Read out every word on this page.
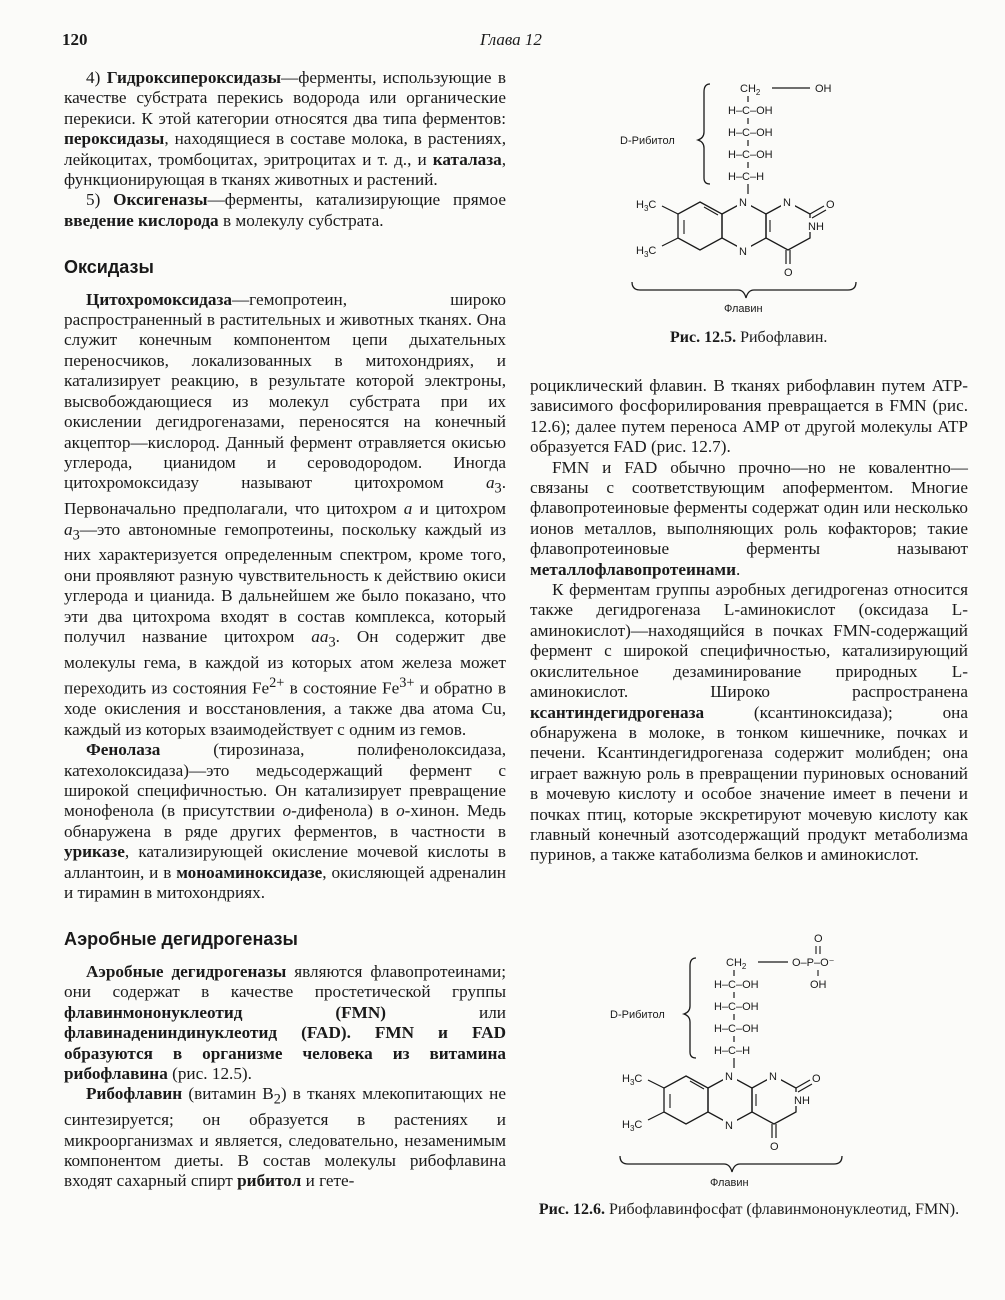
120	Глава 12

4) Гидроксипероксидазы—ферменты, использующие в качестве субстрата перекись водорода или органические перекиси. К этой категории относятся два типа ферментов: пероксидазы, находящиеся в составе молока, в растениях, лейкоцитах, тромбоцитах, эритроцитах и т. д., и каталаза, функционирующая в тканях животных и растений.

5) Оксигеназы—ферменты, катализирующие прямое введение кислорода в молекулу субстрата.

Оксидазы

Цитохромоксидаза—гемопротеин, широко распространенный в растительных и животных тканях. Она служит конечным компонентом цепи дыхательных переносчиков, локализованных в митохондриях, и катализирует реакцию, в результате которой электроны, высвобождающиеся из молекул субстрата при их окислении дегидрогеназами, переносятся на конечный акцептор—кислород. Данный фермент отравляется окисью углерода, цианидом и сероводородом. Иногда цитохромоксидазу называют цитохромом $a_3$. Первоначально предполагали, что цитохром a и цитохром $a_3—это$ автономные гемопротеины, поскольку каждый из них характеризуется определенным спектром, кроме того, они проявляют разную чувствительность к действию окиси углерода и цианида. В дальнейшем же было показано, что эти два цитохрома входят в состав комплекса, который получил название цитохром $aa_3$. Он содержит две молекулы гема, в каждой из которых атом железа может переходить из состояния $Fe^{2+}$ в состояние $Fe^{3+}$ и обратно в ходе окисления и восстановления, а также два атома Cu, каждый из которых взаимодействует с одним из гемов.

Фенолаза (тирозиназа, полифенолоксидаза, катехолоксидаза)—это медьсодержащий фермент с широкой специфичностью. Он катализирует превращение монофенола (в присутствии о-дифенола) в о-хинон. Медь обнаружена в ряде других ферментов, в частности в уриказе, катализирующей окисление мочевой кислоты в аллантоин, и в моноаминоксидазе, окисляющей адреналин и тирамин в митохондриях.

Аэробные дегидрогеназы

Аэробные дегидрогеназы являются флавопротеинами; они содержат в качестве простетической группы флавинмононуклеотид (FMN) или флавинадениндинуклеотид (FAD). FMN и FAD образуются в организме человека из витамина рибофлавина (рис. 12.5).

Рибофлавин (витамин $B_2$) в тканях млекопитающих не синтезируется; он образуется в растениях и микроорганизмах и является, следовательно, незаменимым компонентом диеты. В состав молекулы рибофлавина входят сахарный спирт рибитол и гете-

роциклический флавин. В тканях рибофлавин путем ATP-зависимого фосфорилирования превращается в FMN (рис. 12.6); далее путем переноса AMP от другой молекулы ATP образуется FAD (рис. 12.7).

FMN и FAD обычно прочно—но не ковалентно—связаны с соответствующим апоферментом. Многие флавопротеиновые ферменты содержат один или несколько ионов металлов, выполняющих роль кофакторов; такие флавопротеиновые ферменты называют металлофлавопротеинами.

К ферментам группы аэробных дегидрогеназ относится также дегидрогеназа L-аминокислот (оксидаза L-аминокислот)—находящийся в почках FMN-содержащий фермент с широкой специфичностью, катализирующий окислительное дезаминирование природных L-аминокислот. Широко распространена ксантиндегидрогеназа (ксантиноксидаза); она обнаружена в молоке, в тонком кишечнике, почках и печени. Ксантиндегидрогеназа содержит молибден; она играет важную роль в превращении пуриновых оснований в мочевую кислоту и особое значение имеет в печени и почках птиц, которые экскретируют мочевую кислоту как главный конечный азотсодержащий продукт метаболизма пуринов, а также катаболизма белков и аминокислот.

D-Рибитол
$CH_2$	OH
H–C–OH
H–C–OH
H–C–OH
H–C–H
N	N
N
NH
O
O
$H_3C$
$H_3C$
Флавин
Рис. 12.5. Рибофлавин.
O
O–P–O⁻
OH
D-Рибитол
$CH_2$
H–C–OH
H–C–OH
H–C–OH
H–C–H
N	N
N
NH
O
O
$H_3C$
$H_3C$
Флавин
Рис. 12.6. Рибофлавинфосфат (флавинмононуклеотид, FMN).
